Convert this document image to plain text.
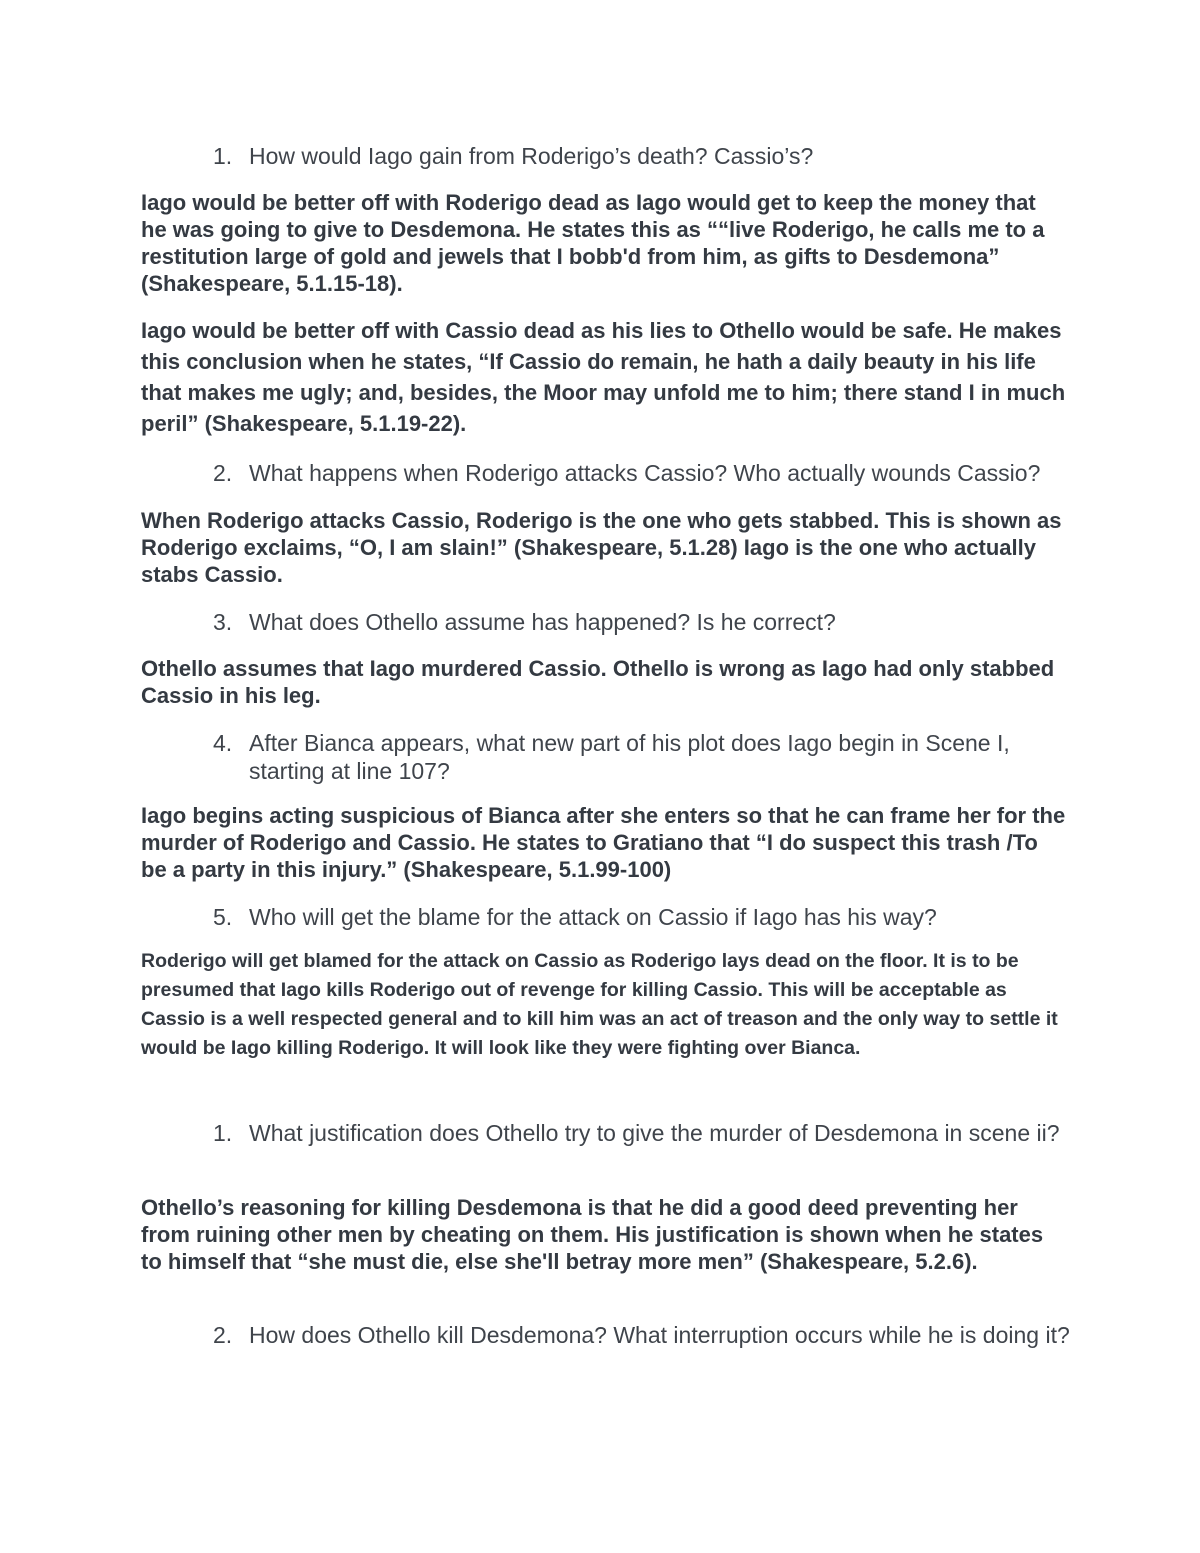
1. How would Iago gain from Roderigo’s death? Cassio’s?

Iago would be better off with Roderigo dead as Iago would get to keep the money that he was going to give to Desdemona. He states this as ““live Roderigo, he calls me to a restitution large of gold and jewels that I bobb'd from him, as gifts to Desdemona” (Shakespeare, 5.1.15-18).

Iago would be better off with Cassio dead as his lies to Othello would be safe. He makes this conclusion when he states, “If Cassio do remain, he hath a daily beauty in his life that makes me ugly; and, besides, the Moor may unfold me to him; there stand I in much peril” (Shakespeare, 5.1.19-22).

2. What happens when Roderigo attacks Cassio? Who actually wounds Cassio?

When Roderigo attacks Cassio, Roderigo is the one who gets stabbed. This is shown as Roderigo exclaims, “O, I am slain!” (Shakespeare, 5.1.28) Iago is the one who actually stabs Cassio.

3. What does Othello assume has happened? Is he correct?

Othello assumes that Iago murdered Cassio. Othello is wrong as Iago had only stabbed Cassio in his leg.

4. After Bianca appears, what new part of his plot does Iago begin in Scene I, starting at line 107?

Iago begins acting suspicious of Bianca after she enters so that he can frame her for the murder of Roderigo and Cassio. He states to Gratiano that “I do suspect this trash /To be a party in this injury.” (Shakespeare, 5.1.99-100)

5. Who will get the blame for the attack on Cassio if Iago has his way?

Roderigo will get blamed for the attack on Cassio as Roderigo lays dead on the floor. It is to be presumed that Iago kills Roderigo out of revenge for killing Cassio. This will be acceptable as Cassio is a well respected general and to kill him was an act of treason and the only way to settle it would be Iago killing Roderigo. It will look like they were fighting over Bianca.

1. What justification does Othello try to give the murder of Desdemona in scene ii?

Othello’s reasoning for killing Desdemona is that he did a good deed preventing her from ruining other men by cheating on them. His justification is shown when he states to himself that “she must die, else she'll betray more men” (Shakespeare, 5.2.6).

2. How does Othello kill Desdemona? What interruption occurs while he is doing it?
